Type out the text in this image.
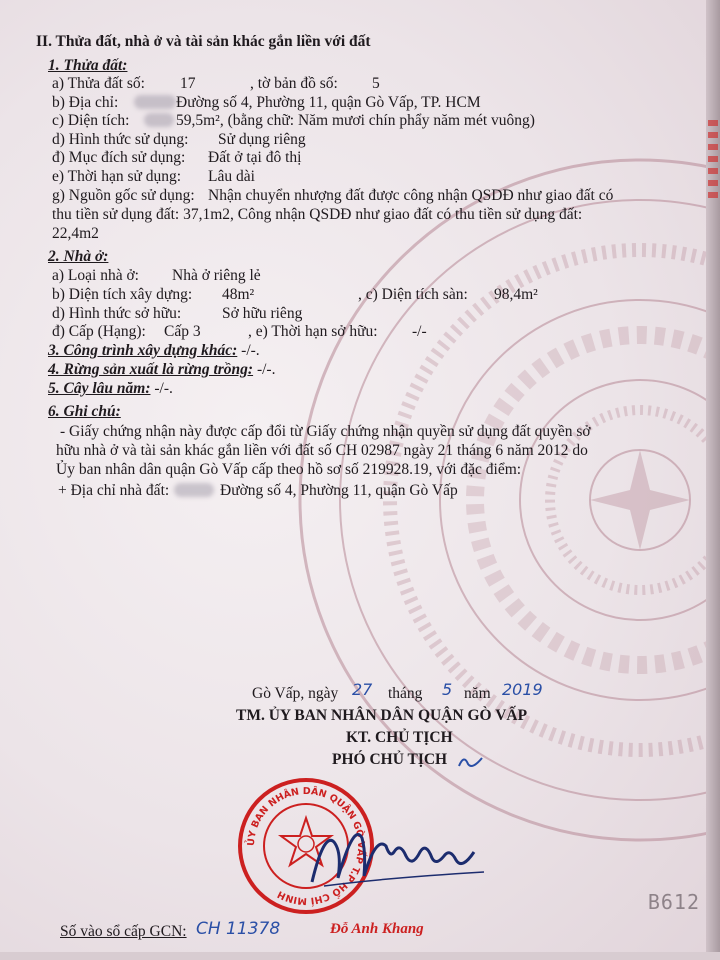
II. Thửa đất, nhà ở và tài sản khác gắn liền với đất
1. Thửa đất:
a) Thửa đất số: 17	, tờ bản đồ số: 5
b) Địa chỉ:	Đường số 4, Phường 11, quận Gò Vấp, TP. HCM
c) Diện tích:	59,5m², (bằng chữ: Năm mươi chín phẩy năm mét vuông)
d) Hình thức sử dụng: Sử dụng riêng
đ) Mục đích sử dụng: Đất ở tại đô thị
e) Thời hạn sử dụng: Lâu dài
g) Nguồn gốc sử dụng: Nhận chuyển nhượng đất được công nhận QSDĐ như giao đất có
thu tiền sử dụng đất: 37,1m2, Công nhận QSDĐ như giao đất có thu tiền sử dụng đất:
22,4m2
2. Nhà ở:
a) Loại nhà ở: Nhà ở riêng lẻ
b) Diện tích xây dựng: 48m²	, c) Diện tích sàn: 98,4m²
d) Hình thức sở hữu:	Sở hữu riêng
đ) Cấp (Hạng): Cấp 3	, e) Thời hạn sở hữu: -/-
3. Công trình xây dựng khác: -/-.
4. Rừng sản xuất là rừng trồng: -/-.
5. Cây lâu năm: -/-.
6. Ghi chú:
- Giấy chứng nhận này được cấp đổi từ Giấy chứng nhận quyền sử dụng đất quyền sở
hữu nhà ở và tài sản khác gắn liền với đất số CH 02987 ngày 21 tháng 6 năm 2012 do
Ủy ban nhân dân quận Gò Vấp cấp theo hồ sơ số 219928.19, với đặc điểm:
+ Địa chỉ nhà đất:	Đường số 4, Phường 11, quận Gò Vấp
Gò Vấp, ngày 27 tháng 5 năm 2019
TM. ỦY BAN NHÂN DÂN QUẬN GÒ VẤP
KT. CHỦ TỊCH
PHÓ CHỦ TỊCH
ỦY BAN NHÂN DÂN QUẬN GÒ VẤP T.P HỒ CHÍ MINH
Đỗ Anh Khang
Số vào sổ cấp GCN: CH 11378
B612
